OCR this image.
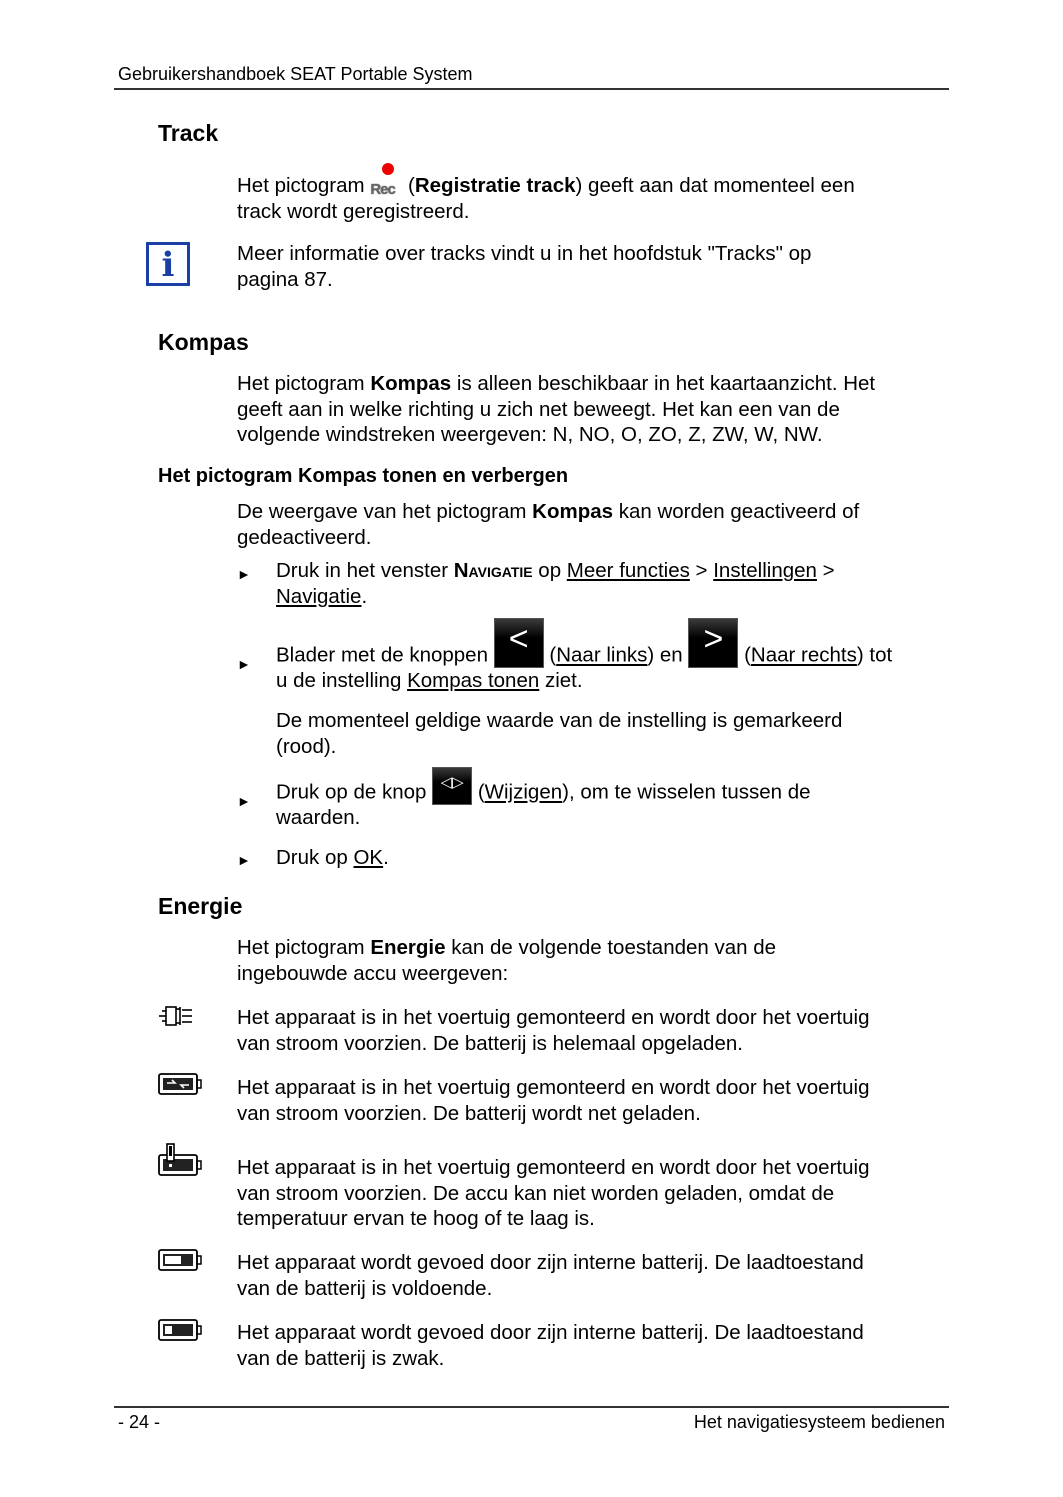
Gebruikershandboek SEAT Portable System
Track
Het pictogram Rec (Registratie track) geeft aan dat momenteel een
track wordt geregistreerd.
i	Meer informatie over tracks vindt u in het hoofdstuk "Tracks" op
pagina 87.
Kompas
Het pictogram Kompas is alleen beschikbaar in het kaartaanzicht. Het
geeft aan in welke richting u zich net beweegt. Het kan een van de
volgende windstreken weergeven: N, NO, O, ZO, Z, ZW, W, NW.
Het pictogram Kompas tonen en verbergen
De weergave van het pictogram Kompas kan worden geactiveerd of
gedeactiveerd.
► Druk in het venster Navigatie op Meer functies > Instellingen >
Navigatie.
► Blader met de knoppen < (Naar links) en > (Naar rechts) tot
u de instelling Kompas tonen ziet.
De momenteel geldige waarde van de instelling is gemarkeerd
(rood).
► Druk op de knop ◁▷ (Wijzigen), om te wisselen tussen de
waarden.
► Druk op OK.
Energie
Het pictogram Energie kan de volgende toestanden van de
ingebouwde accu weergeven:
Het apparaat is in het voertuig gemonteerd en wordt door het voertuig
van stroom voorzien. De batterij is helemaal opgeladen.
Het apparaat is in het voertuig gemonteerd en wordt door het voertuig
van stroom voorzien. De batterij wordt net geladen.
Het apparaat is in het voertuig gemonteerd en wordt door het voertuig
van stroom voorzien. De accu kan niet worden geladen, omdat de
temperatuur ervan te hoog of te laag is.
Het apparaat wordt gevoed door zijn interne batterij. De laadtoestand
van de batterij is voldoende.
Het apparaat wordt gevoed door zijn interne batterij. De laadtoestand
van de batterij is zwak.
- 24 -	Het navigatiesysteem bedienen
